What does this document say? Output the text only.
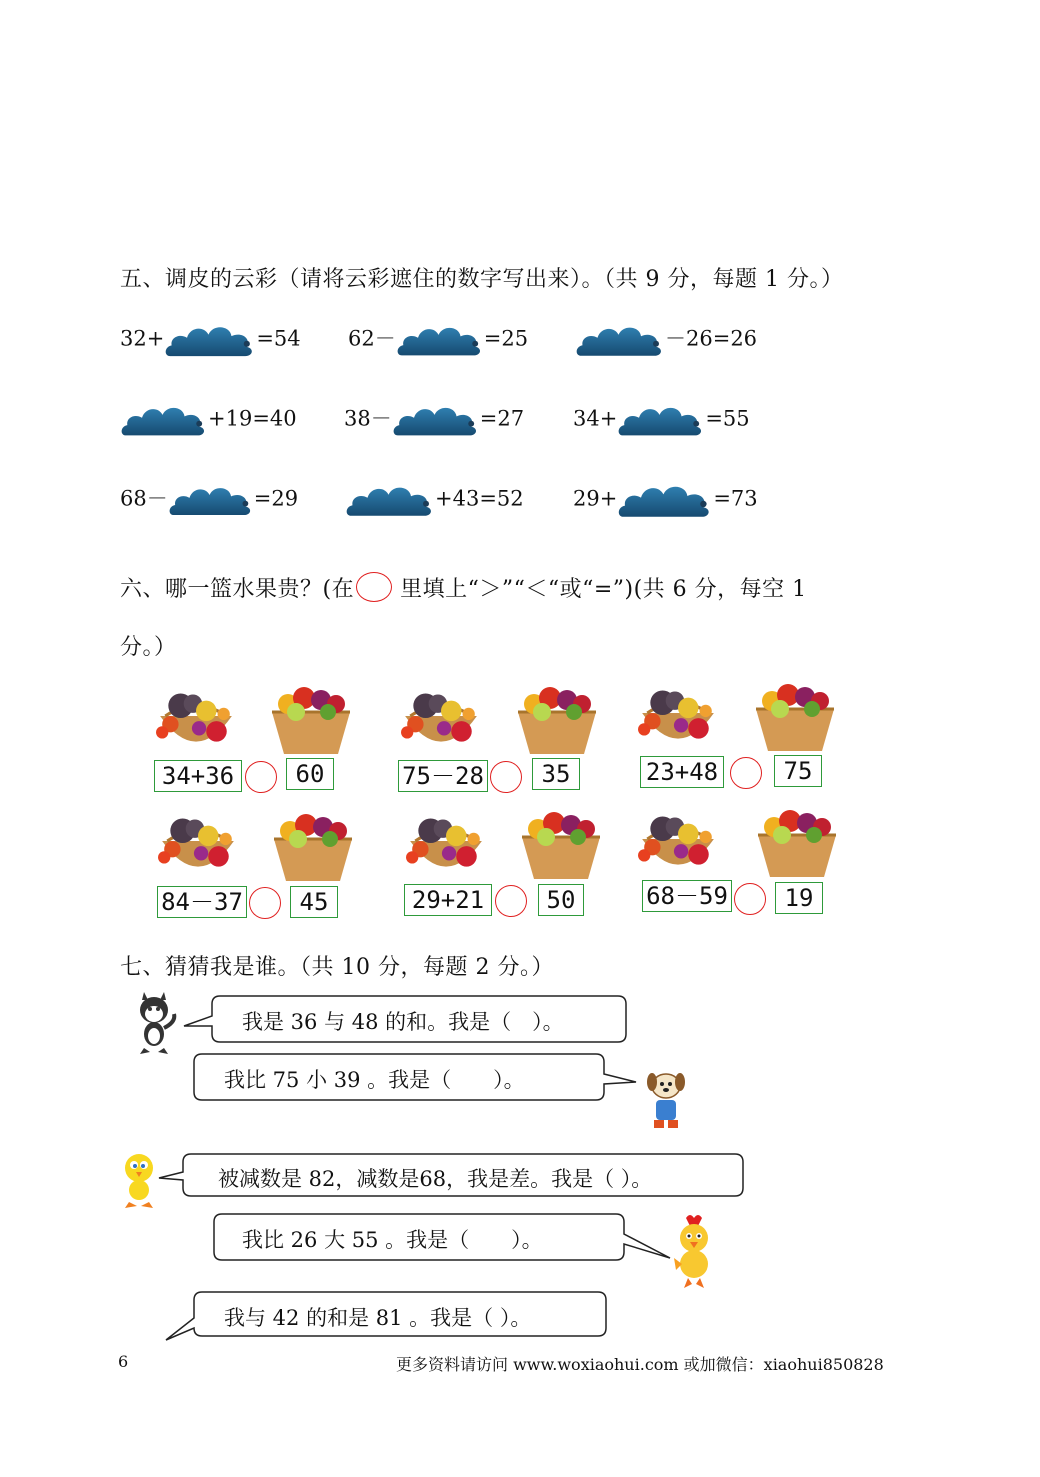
五、调皮的云彩（请将云彩遮住的数字写出来）。（共 9 分，每题 1 分。）
32+	=54 62－	=25	－26=26
+19=40 38－	=27 34+	=55
68－	=29	+43=52 29+	=73
六、哪一篮水果贵？(在 里填上“＞”“＜“或“=”)(共 6 分，每空 1
分。）
34+36	60	75－28	35	23+48	75
84－37	45	29+21	50	68－59	19
七、猜猜我是谁。（共 10 分，每题 2 分。）
我是 36 与 48 的和。我是（　）。
我比 75 小 39 。我是（　　）。
被减数是 82，减数是68，我是差。我是（ ）。
我比 26 大 55 。我是（　　）。
我与 42 的和是 81 。我是（ ）。
6	更多资料请访问 www.woxiaohui.com 或加微信：xiaohui850828
